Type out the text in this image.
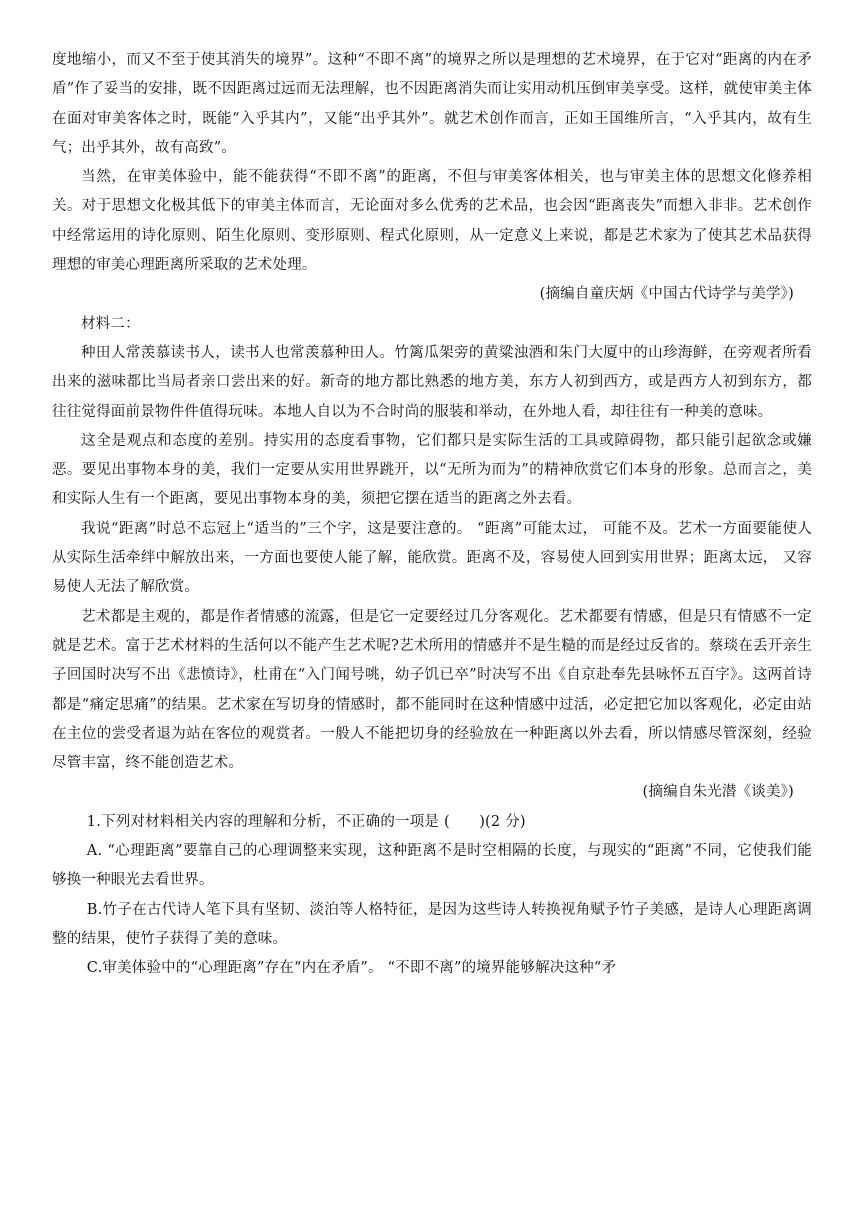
度地缩小，而又不至于使其消失的境界”。这种“不即不离”的境界之所以是理想的艺术境界，在于它对“距离的内在矛盾”作了妥当的安排，既不因距离过远而无法理解，也不因距离消失而让实用动机压倒审美享受。这样，就使审美主体在面对审美客体之时，既能“入乎其内”，又能“出乎其外”。就艺术创作而言，正如王国维所言，“入乎其内，故有生气；出乎其外，故有高致”。

当然，在审美体验中，能不能获得“不即不离”的距离，不但与审美客体相关，也与审美主体的思想文化修养相关。对于思想文化极其低下的审美主体而言，无论面对多么优秀的艺术品，也会因“距离丧失”而想入非非。艺术创作中经常运用的诗化原则、陌生化原则、变形原则、程式化原则，从一定意义上来说，都是艺术家为了使其艺术品获得理想的审美心理距离所采取的艺术处理。

(摘编自童庆炳《中国古代诗学与美学》)

材料二：

种田人常羡慕读书人，读书人也常羡慕种田人。竹篱瓜架旁的黄粱浊酒和朱门大厦中的山珍海鲜，在旁观者所看出来的滋味都比当局者亲口尝出来的好。新奇的地方都比熟悉的地方美，东方人初到西方，或是西方人初到东方，都往往觉得面前景物件件值得玩味。本地人自以为不合时尚的服装和举动，在外地人看，却往往有一种美的意味。

这全是观点和态度的差别。持实用的态度看事物，它们都只是实际生活的工具或障碍物，都只能引起欲念或嫌恶。要见出事物本身的美，我们一定要从实用世界跳开，以“无所为而为”的精神欣赏它们本身的形象。总而言之，美和实际人生有一个距离，要见出事物本身的美，须把它摆在适当的距离之外去看。

我说“距离”时总不忘冠上“适当的”三个字，这是要注意的。 “距离”可能太过， 可能不及。艺术一方面要能使人从实际生活牵绊中解放出来，一方面也要使人能了解，能欣赏。距离不及，容易使人回到实用世界；距离太远， 又容易使人无法了解欣赏。

艺术都是主观的，都是作者情感的流露，但是它一定要经过几分客观化。艺术都要有情感，但是只有情感不一定就是艺术。富于艺术材料的生活何以不能产生艺术呢?艺术所用的情感并不是生糙的而是经过反省的。蔡琰在丢开亲生子回国时决写不出《悲愤诗》，杜甫在“入门闻号咷，幼子饥已卒”时决写不出《自京赴奉先县咏怀五百字》。这两首诗都是“痛定思痛”的结果。艺术家在写切身的情感时，都不能同时在这种情感中过活，必定把它加以客观化，必定由站在主位的尝受者退为站在客位的观赏者。一般人不能把切身的经验放在一种距离以外去看，所以情感尽管深刻，经验尽管丰富，终不能创造艺术。

(摘编自朱光潜《谈美》)

1.下列对材料相关内容的理解和分析，不正确的一项是 (　　)(2 分)

A. “心理距离”要靠自己的心理调整来实现，这种距离不是时空相隔的长度，与现实的“距离”不同，它使我们能够换一种眼光去看世界。

B.竹子在古代诗人笔下具有坚韧、淡泊等人格特征，是因为这些诗人转换视角赋予竹子美感，是诗人心理距离调整的结果，使竹子获得了美的意味。

C.审美体验中的“心理距离”存在“内在矛盾”。 “不即不离”的境界能够解决这种“矛
